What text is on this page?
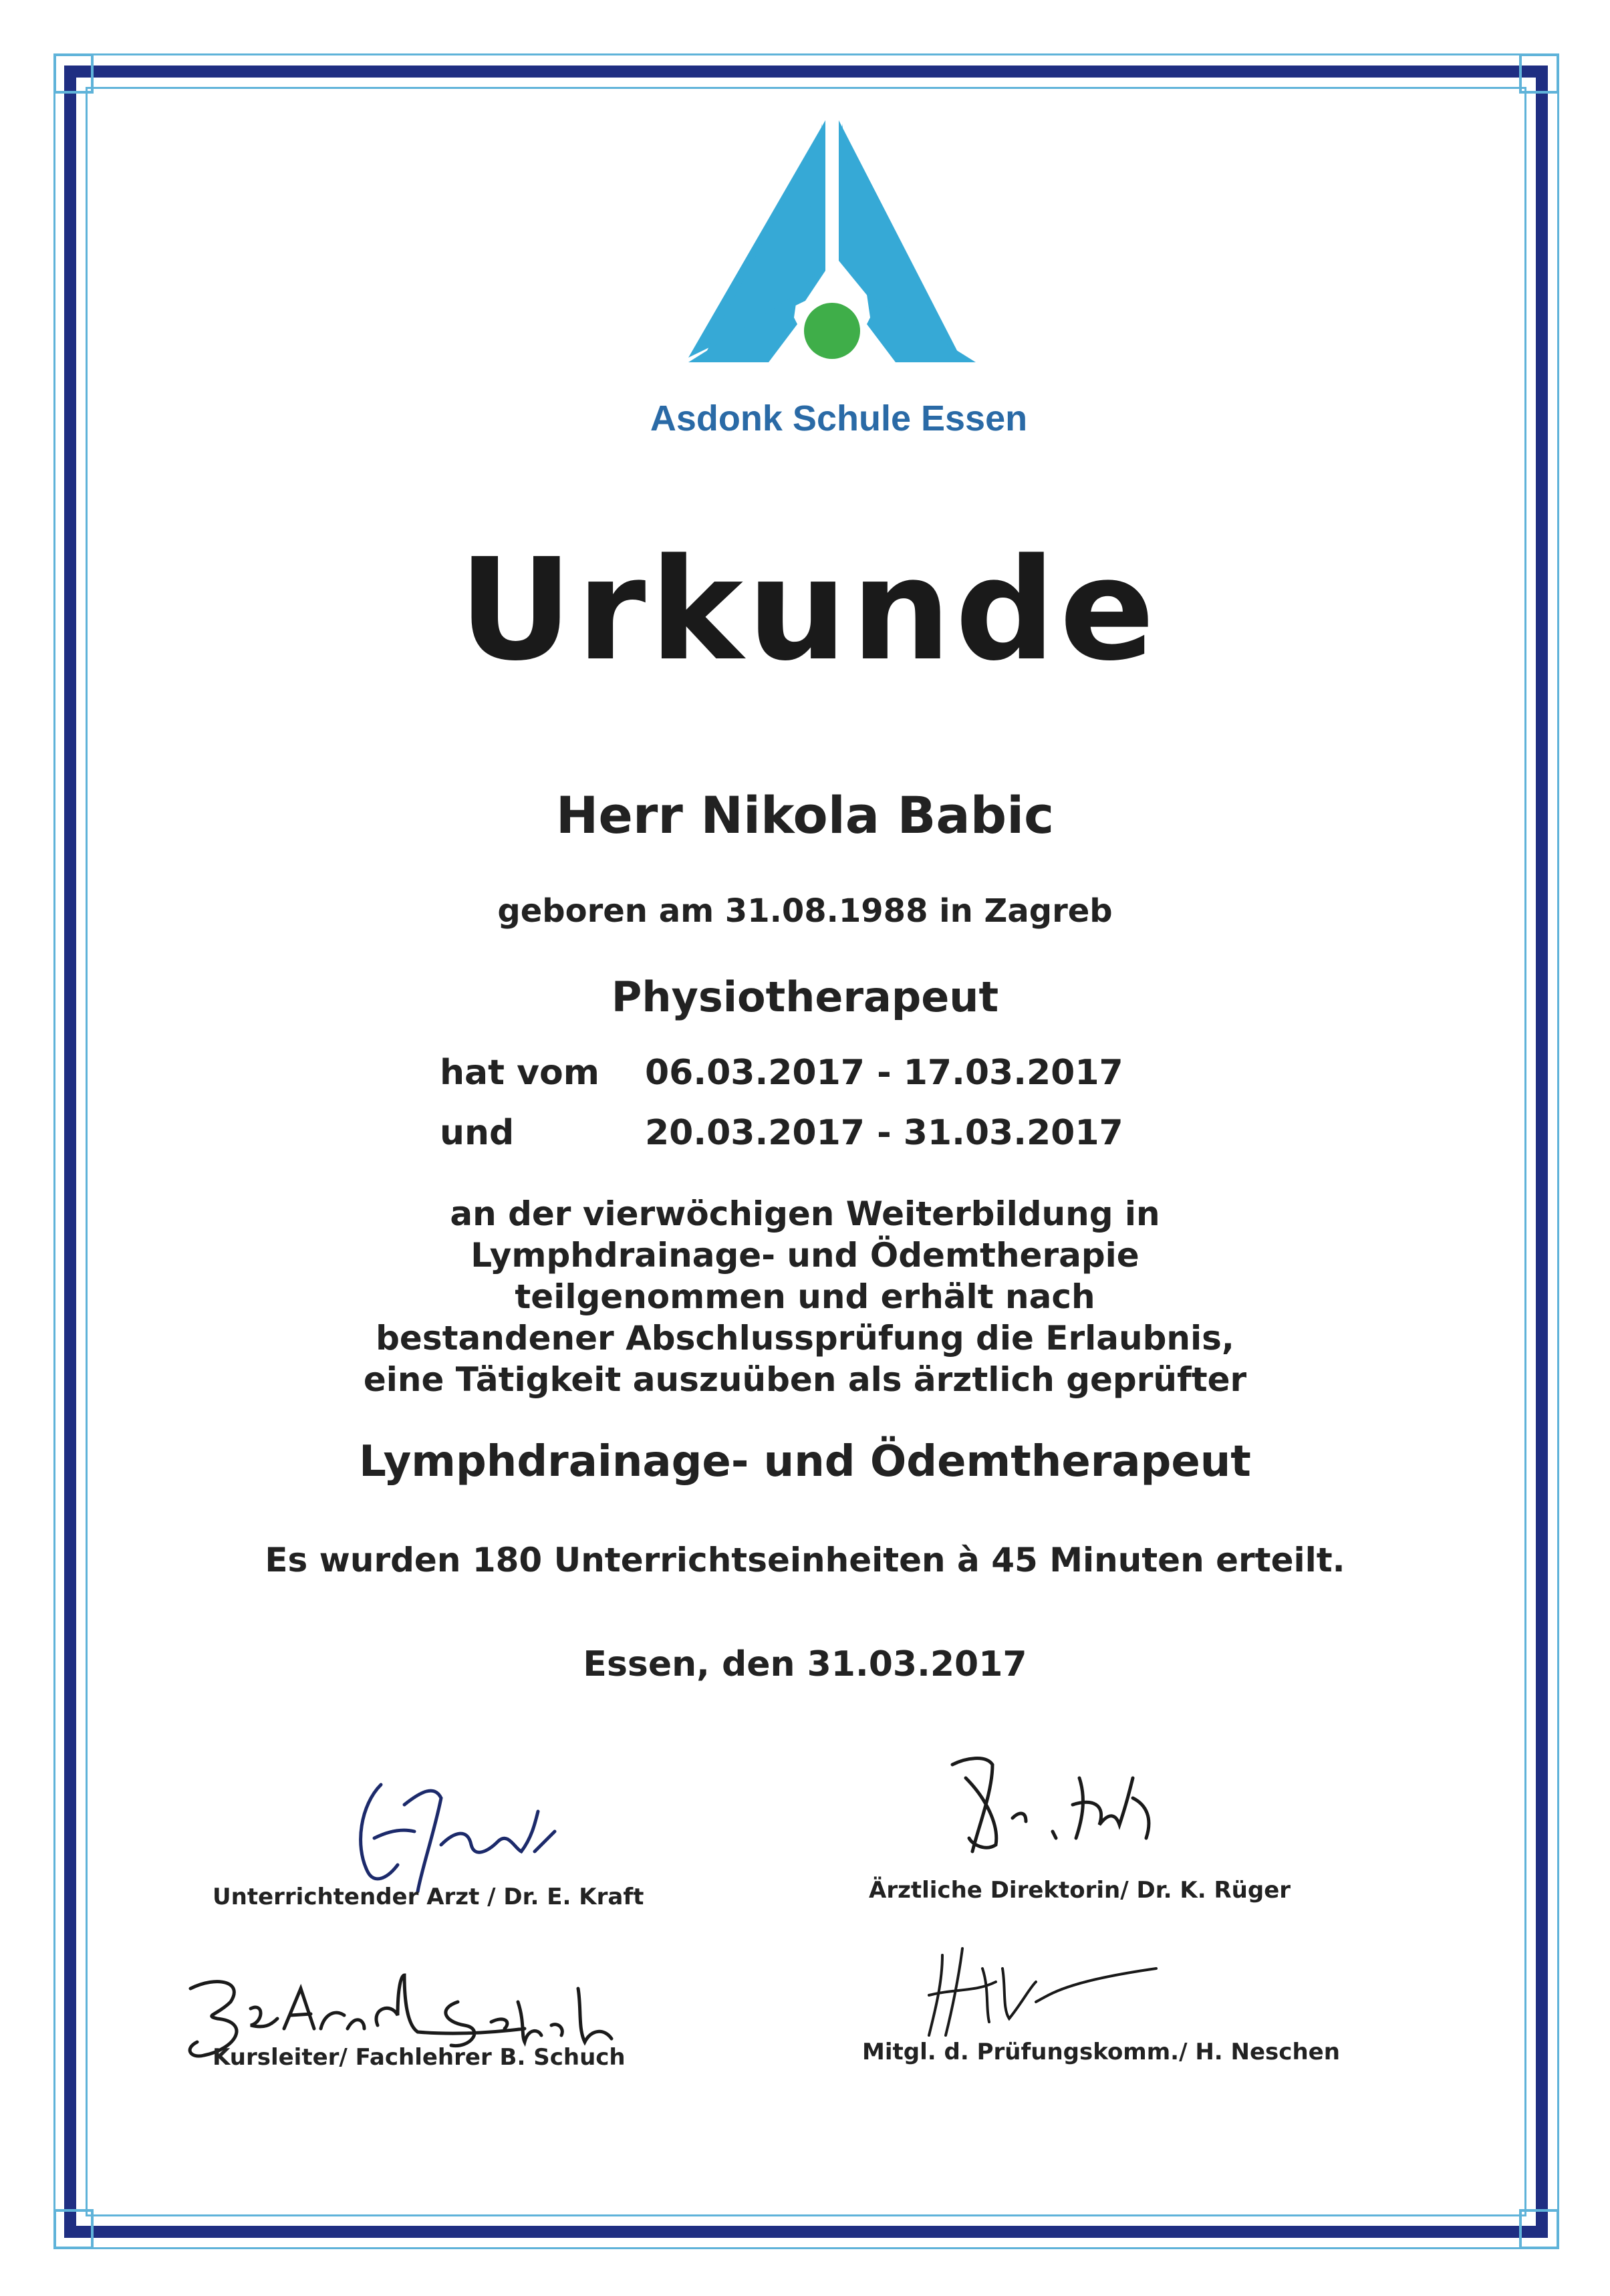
Asdonk Schule Essen
Urkunde
Herr Nikola Babic
geboren am 31.08.1988 in Zagreb
Physiotherapeut
hat vom 06.03.2017 - 17.03.2017
und	20.03.2017 - 31.03.2017
an der vierwöchigen Weiterbildung in
Lymphdrainage- und Ödemtherapie
teilgenommen und erhält nach
bestandener Abschlussprüfung die Erlaubnis,
eine Tätigkeit auszuüben als ärztlich geprüfter
Lymphdrainage- und Ödemtherapeut
Es wurden 180 Unterrichtseinheiten à 45 Minuten erteilt.
Essen, den 31.03.2017
Unterrichtender Arzt / Dr. E. Kraft	Ärztliche Direktorin/ Dr. K. Rüger
Kursleiter/ Fachlehrer B. Schuch	Mitgl. d. Prüfungskomm./ H. Neschen
